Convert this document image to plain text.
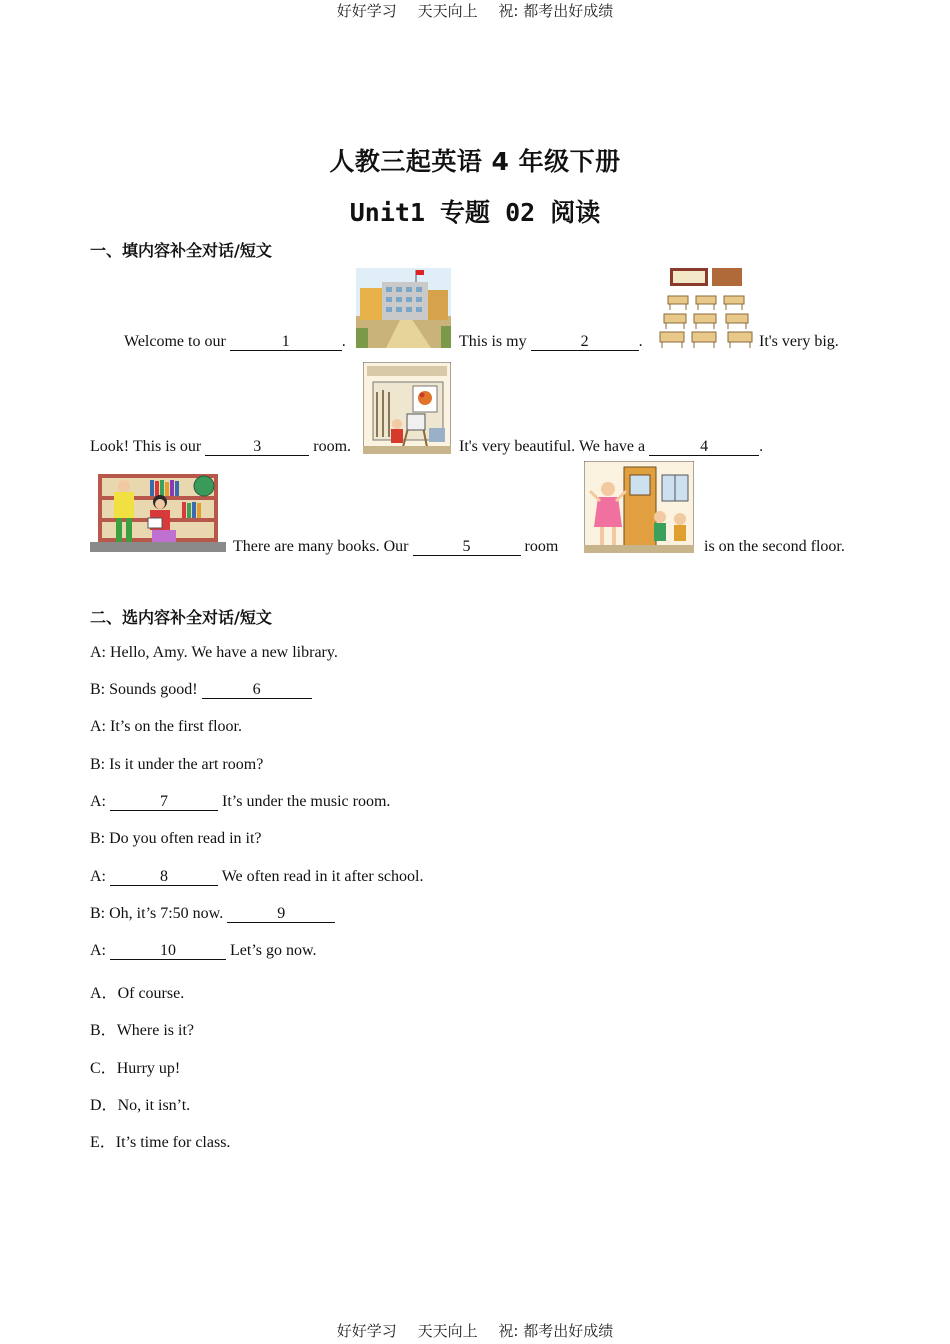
好好学习 天天向上 祝: 都考出好成绩
人教三起英语 4 年级下册
Unit1 专题 02 阅读
一、填内容补全对话/短文
Welcome to our	1	.	This is my	2	.	It's very big.
Look! This is our	3	room.	It's very beautiful. We have a	4	.
There are many books. Our	5	room	is on the second floor.
二、选内容补全对话/短文
A: Hello, Amy. We have a new library.
B: Sounds good!	6
A: It’s on the first floor.
B: Is it under the art room?
A:	7	It’s under the music room.
B: Do you often read in it?
A:	8	We often read in it after school.
B: Oh, it’s 7:50 now.	9
A:	10	Let’s go now.
A．Of course.
B．Where is it?
C．Hurry up!
D．No, it isn’t.
E．It’s time for class.
好好学习 天天向上 祝: 都考出好成绩
